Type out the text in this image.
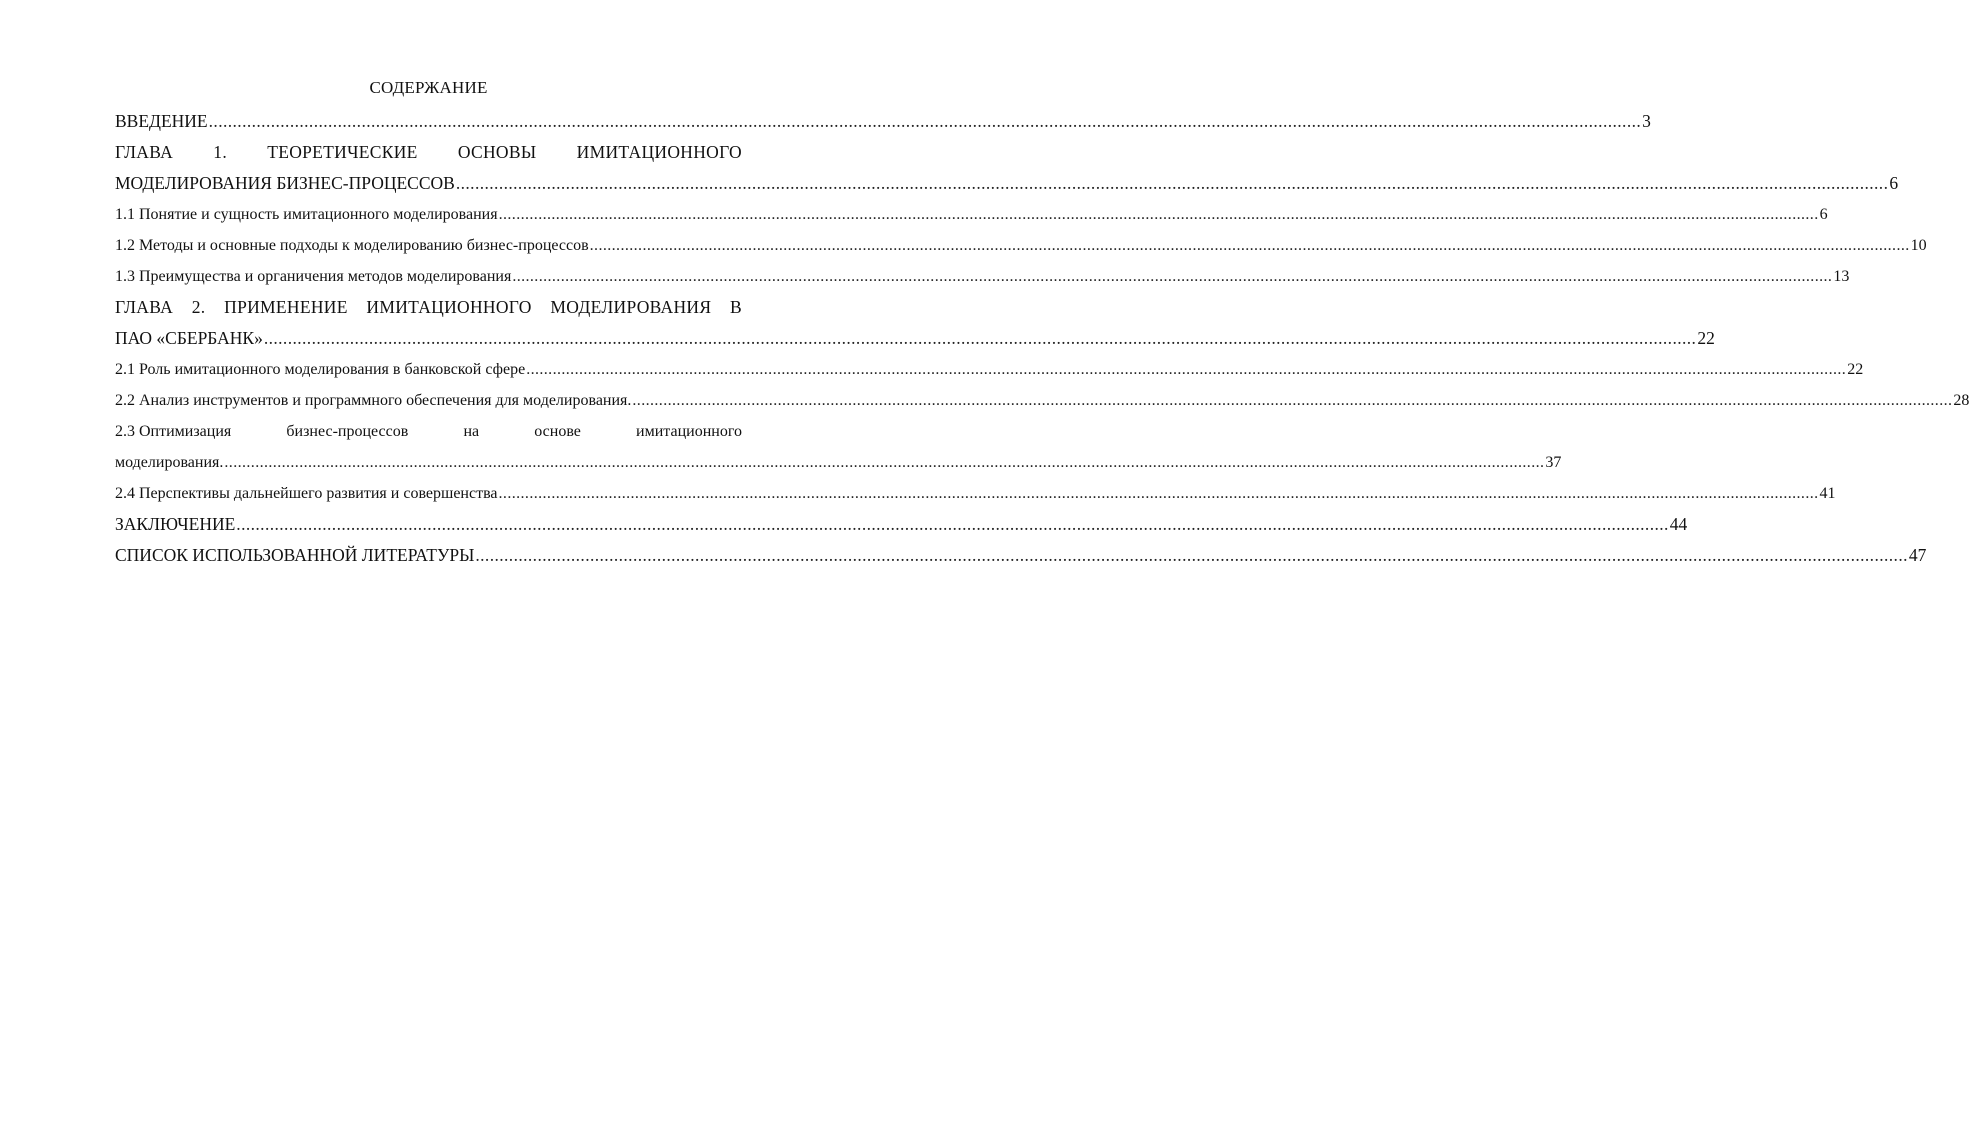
СОДЕРЖАНИЕ
ВВЕДЕНИЕ ............................................................................................................................................................................................................................................................................................................ 3
ГЛАВА 1. ТЕОРЕТИЧЕСКИЕ ОСНОВЫ ИМИТАЦИОННОГО
МОДЕЛИРОВАНИЯ БИЗНЕС-ПРОЦЕССОВ ............................................................................................................................................................................................................................................................................................................ 6
1.1 Понятие и сущность имитационного моделирования ............................................................................................................................................................................................................................................................................................................ 6
1.2 Методы и основные подходы к моделированию бизнес-процессов ............................................................................................................................................................................................................................................................................................................ 10
1.3 Преимущества и органичения методов моделирования ............................................................................................................................................................................................................................................................................................................ 13
ГЛАВА 2. ПРИМЕНЕНИЕ ИМИТАЦИОННОГО МОДЕЛИРОВАНИЯ В
ПАО «СБЕРБАНК» ............................................................................................................................................................................................................................................................................................................ 22
2.1 Роль имитационного моделирования в банковской сфере ............................................................................................................................................................................................................................................................................................................ 22
2.2 Анализ инструментов и программного обеспечения для моделирования. ............................................................................................................................................................................................................................................................................................................ 28
2.3 Оптимизация	бизнес-процессов	на	основе	имитационного
моделирования. ............................................................................................................................................................................................................................................................................................................ 37
2.4 Перспективы дальнейшего развития и совершенства ............................................................................................................................................................................................................................................................................................................ 41
ЗАКЛЮЧЕНИЕ ............................................................................................................................................................................................................................................................................................................ 44
СПИСОК ИСПОЛЬЗОВАННОЙ ЛИТЕРАТУРЫ ............................................................................................................................................................................................................................................................................................................ 47
